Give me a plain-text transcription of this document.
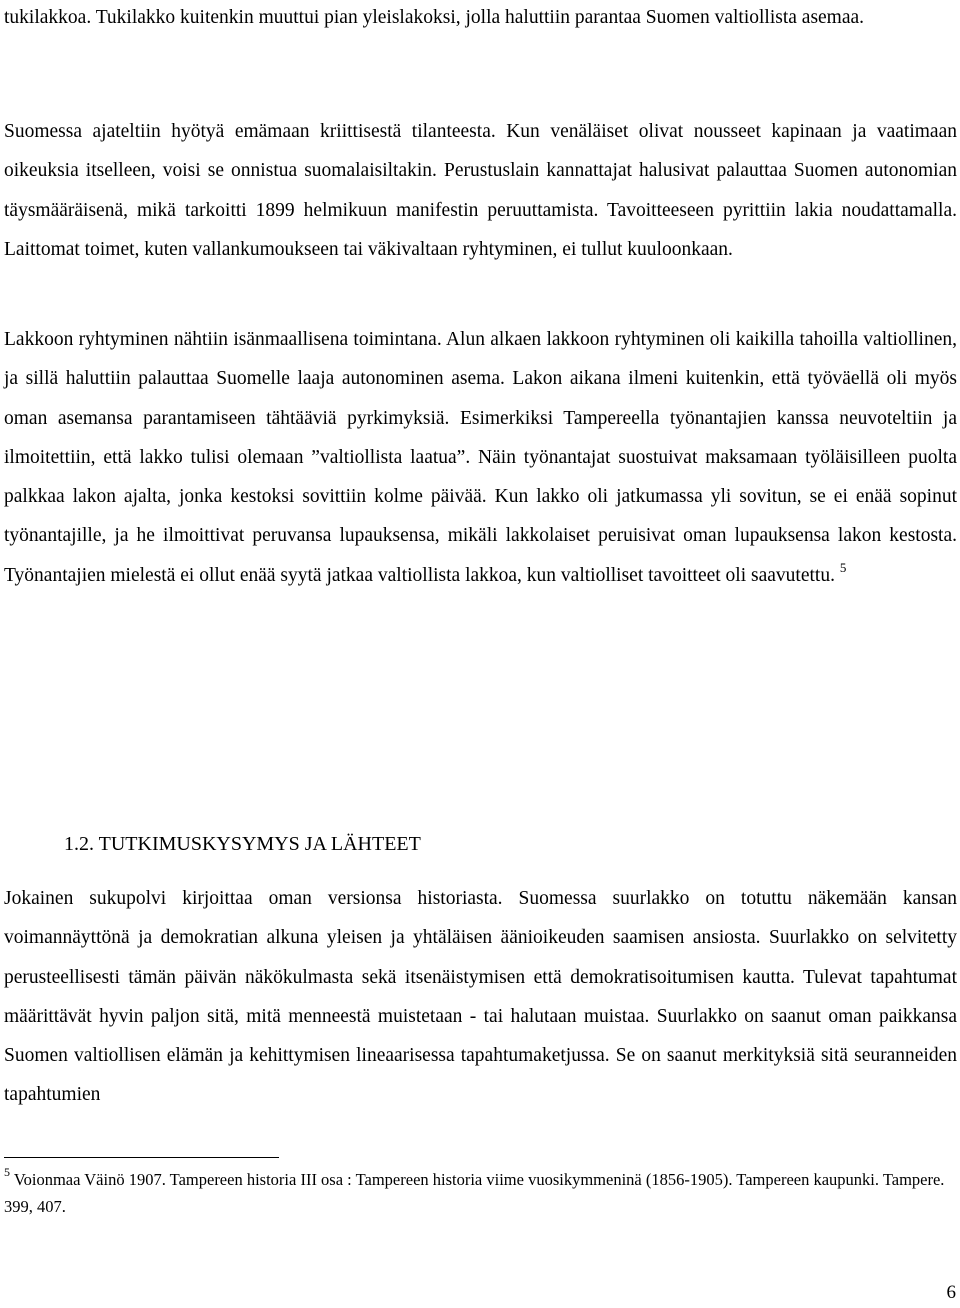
tukilakkoa. Tukilakko kuitenkin muuttui pian yleislakoksi, jolla haluttiin parantaa Suomen valtiollista asemaa.

Suomessa ajateltiin hyötyä emämaan kriittisestä tilanteesta. Kun venäläiset olivat nousseet kapinaan ja vaatimaan oikeuksia itselleen, voisi se onnistua suomalaisiltakin. Perustuslain kannattajat halusivat palauttaa Suomen autonomian täysmääräisenä, mikä tarkoitti 1899 helmikuun manifestin peruuttamista. Tavoitteeseen pyrittiin lakia noudattamalla. Laittomat toimet, kuten vallankumoukseen tai väkivaltaan ryhtyminen, ei tullut kuuloonkaan.

Lakkoon ryhtyminen nähtiin isänmaallisena toimintana. Alun alkaen lakkoon ryhtyminen oli kaikilla tahoilla valtiollinen, ja sillä haluttiin palauttaa Suomelle laaja autonominen asema. Lakon aikana ilmeni kuitenkin, että työväellä oli myös oman asemansa parantamiseen tähtääviä pyrkimyksiä. Esimerkiksi Tampereella työnantajien kanssa neuvoteltiin ja ilmoitettiin, että lakko tulisi olemaan ”valtiollista laatua”. Näin työnantajat suostuivat maksamaan työläisilleen puolta palkkaa lakon ajalta, jonka kestoksi sovittiin kolme päivää. Kun lakko oli jatkumassa yli sovitun, se ei enää sopinut työnantajille, ja he ilmoittivat peruvansa lupauksensa, mikäli lakkolaiset peruisivat oman lupauksensa lakon kestosta. Työnantajien mielestä ei ollut enää syytä jatkaa valtiollista lakkoa, kun valtiolliset tavoitteet oli saavutettu. $^5$

1.2. TUTKIMUSKYSYMYS JA LÄHTEET

Jokainen sukupolvi kirjoittaa oman versionsa historiasta. Suomessa suurlakko on totuttu näkemään kansan voimannäyttönä ja demokratian alkuna yleisen ja yhtäläisen äänioikeuden saamisen ansiosta. Suurlakko on selvitetty perusteellisesti tämän päivän näkökulmasta sekä itsenäistymisen että demokratisoitumisen kautta. Tulevat tapahtumat määrittävät hyvin paljon sitä, mitä menneestä muistetaan - tai halutaan muistaa. Suurlakko on saanut oman paikkansa Suomen valtiollisen elämän ja kehittymisen lineaarisessa tapahtumaketjussa. Se on saanut merkityksiä sitä seuranneiden tapahtumien

$^5$ Voionmaa Väinö 1907. Tampereen historia III osa : Tampereen historia viime vuosikymmeninä (1856-1905). Tampereen kaupunki. Tampere. 399, 407.

6
